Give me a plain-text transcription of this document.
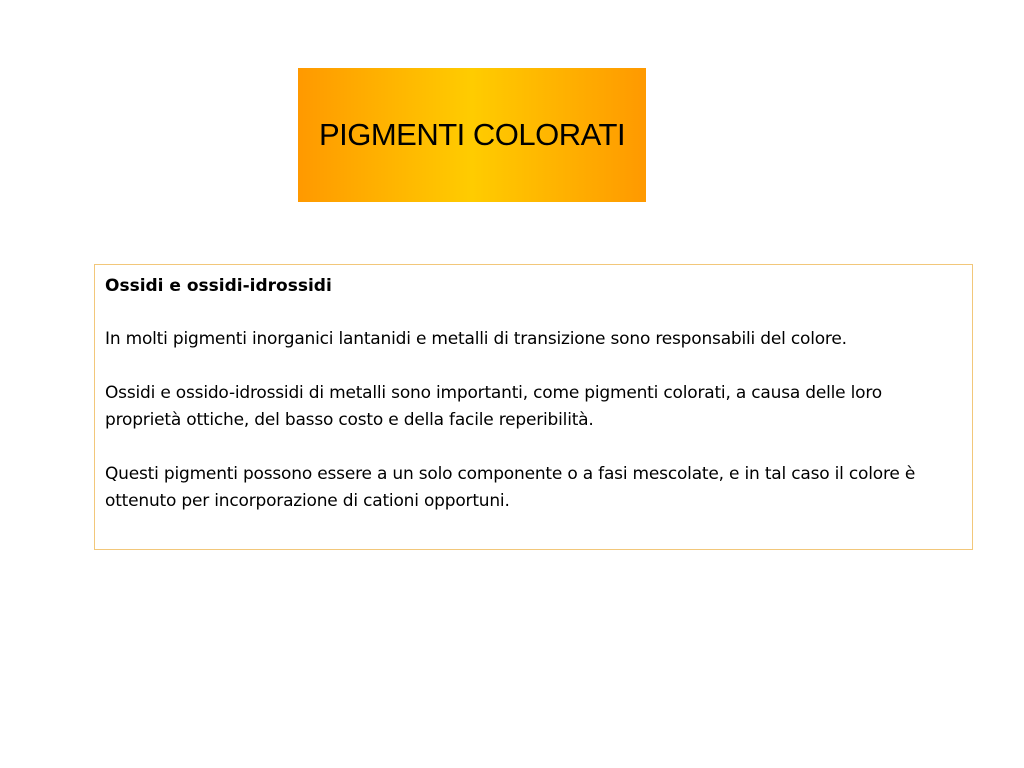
PIGMENTI COLORATI

Ossidi e ossidi-idrossidi

In molti pigmenti inorganici lantanidi e metalli di transizione sono responsabili del colore.

Ossidi e ossido-idrossidi di metalli sono importanti, come pigmenti colorati, a causa delle loro proprietà ottiche, del basso costo e della facile reperibilità.

Questi pigmenti possono essere a un solo componente o a fasi mescolate, e in tal caso il colore è ottenuto per incorporazione di cationi opportuni.
